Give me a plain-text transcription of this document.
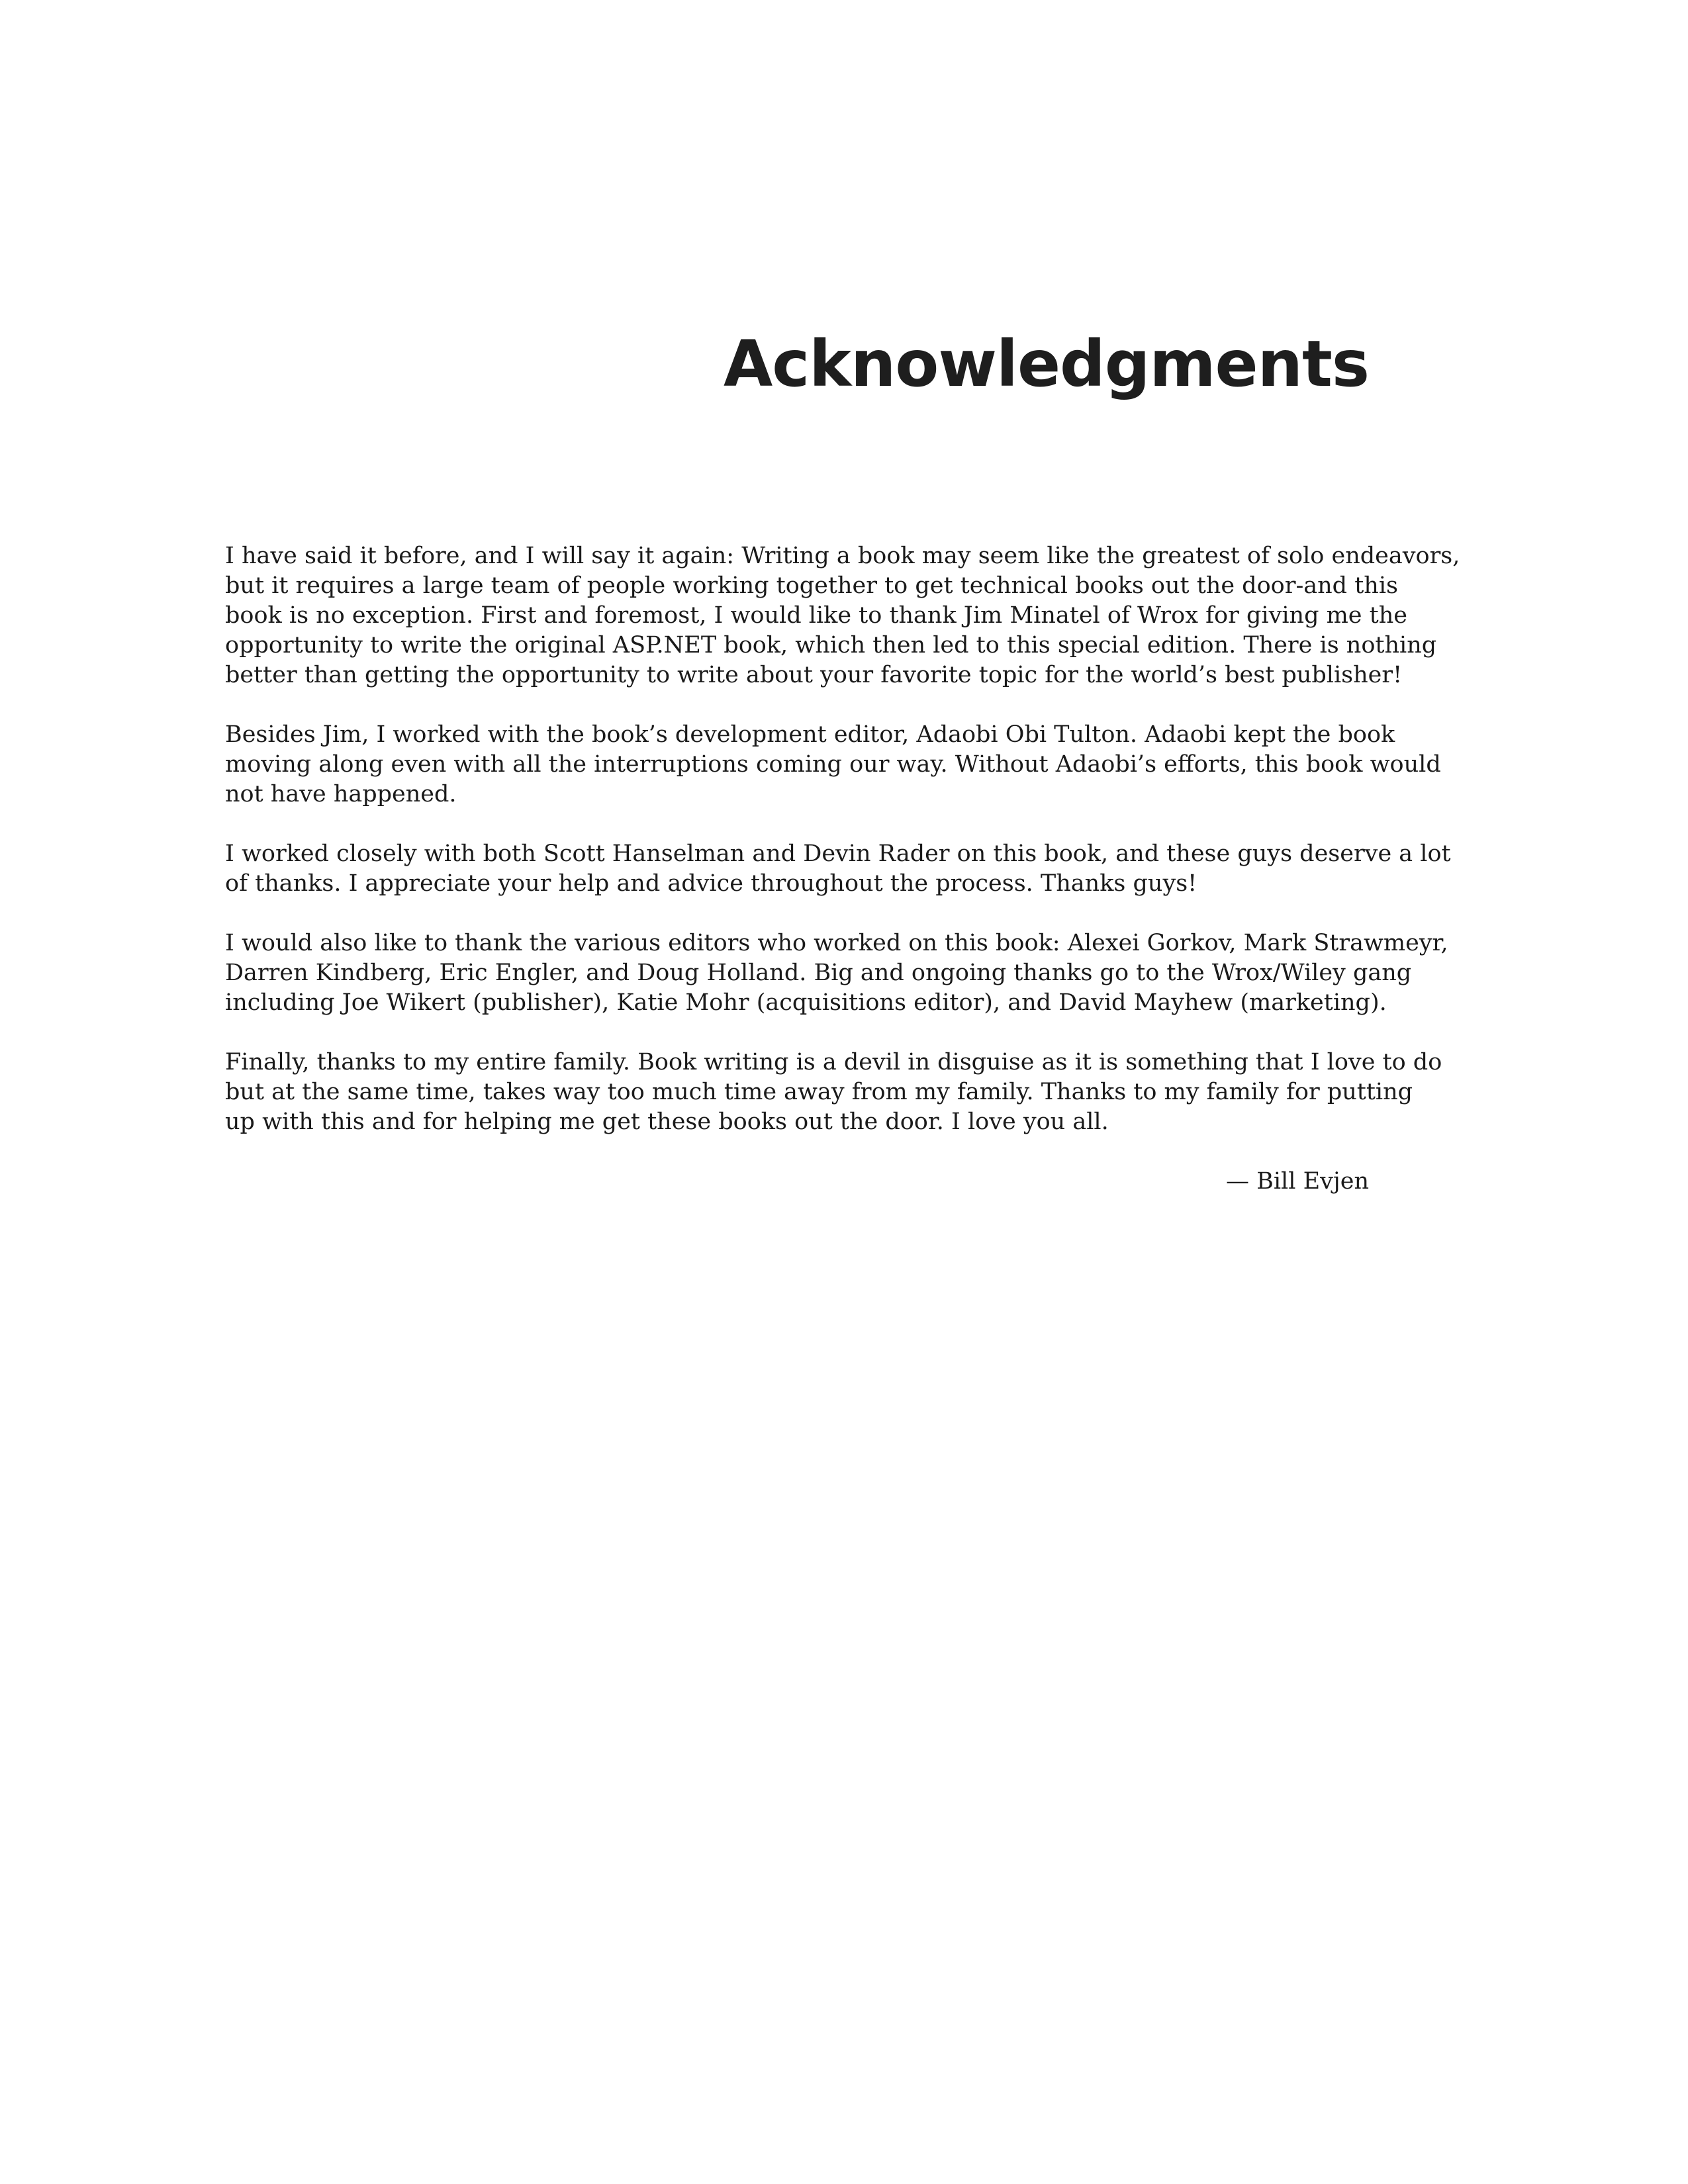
Acknowledgments

I have said it before, and I will say it again: Writing a book may seem like the greatest of solo endeavors,
but it requires a large team of people working together to get technical books out the door-and this
book is no exception. First and foremost, I would like to thank Jim Minatel of Wrox for giving me the
opportunity to write the original ASP.NET book, which then led to this special edition. There is nothing
better than getting the opportunity to write about your favorite topic for the world’s best publisher!

Besides Jim, I worked with the book’s development editor, Adaobi Obi Tulton. Adaobi kept the book
moving along even with all the interruptions coming our way. Without Adaobi’s efforts, this book would
not have happened.

I worked closely with both Scott Hanselman and Devin Rader on this book, and these guys deserve a lot
of thanks. I appreciate your help and advice throughout the process. Thanks guys!

I would also like to thank the various editors who worked on this book: Alexei Gorkov, Mark Strawmeyr,
Darren Kindberg, Eric Engler, and Doug Holland. Big and ongoing thanks go to the Wrox/Wiley gang
including Joe Wikert (publisher), Katie Mohr (acquisitions editor), and David Mayhew (marketing).

Finally, thanks to my entire family. Book writing is a devil in disguise as it is something that I love to do
but at the same time, takes way too much time away from my family. Thanks to my family for putting
up with this and for helping me get these books out the door. I love you all.

— Bill Evjen
